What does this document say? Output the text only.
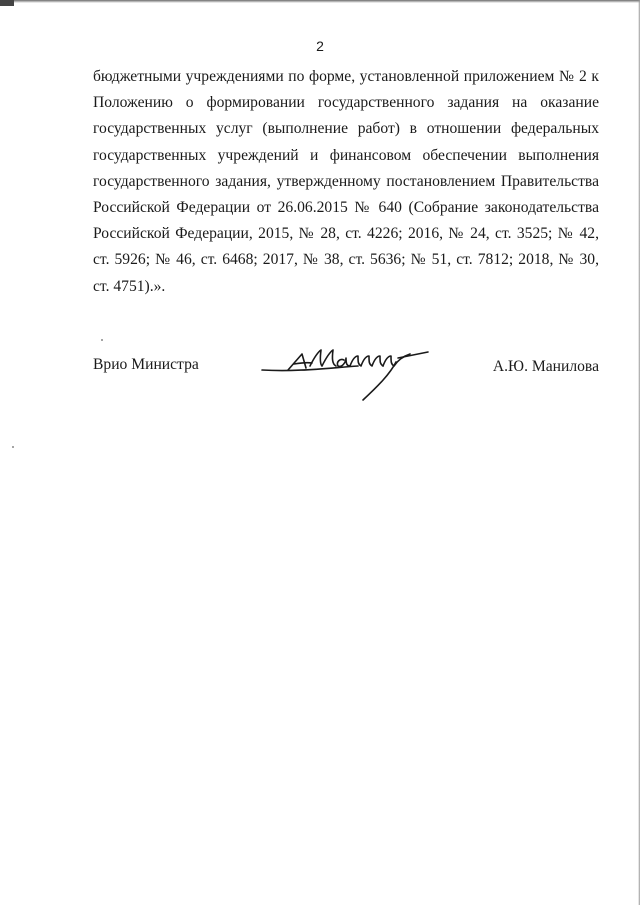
2
бюджетными учреждениями по форме, установленной приложением № 2 к
Положению о формировании государственного задания на оказание
государственных услуг (выполнение работ) в отношении федеральных
государственных учреждений и финансовом обеспечении выполнения
государственного задания, утвержденному постановлением Правительства
Российской Федерации от 26.06.2015 № 640 (Собрание законодательства
Российской Федерации, 2015, № 28, ст. 4226; 2016, № 24, ст. 3525; № 42,
ст. 5926; № 46, ст. 6468; 2017, № 38, ст. 5636; № 51, ст. 7812; 2018, № 30,
ст. 4751).».
Врио Министра	А.Ю. Манилова
